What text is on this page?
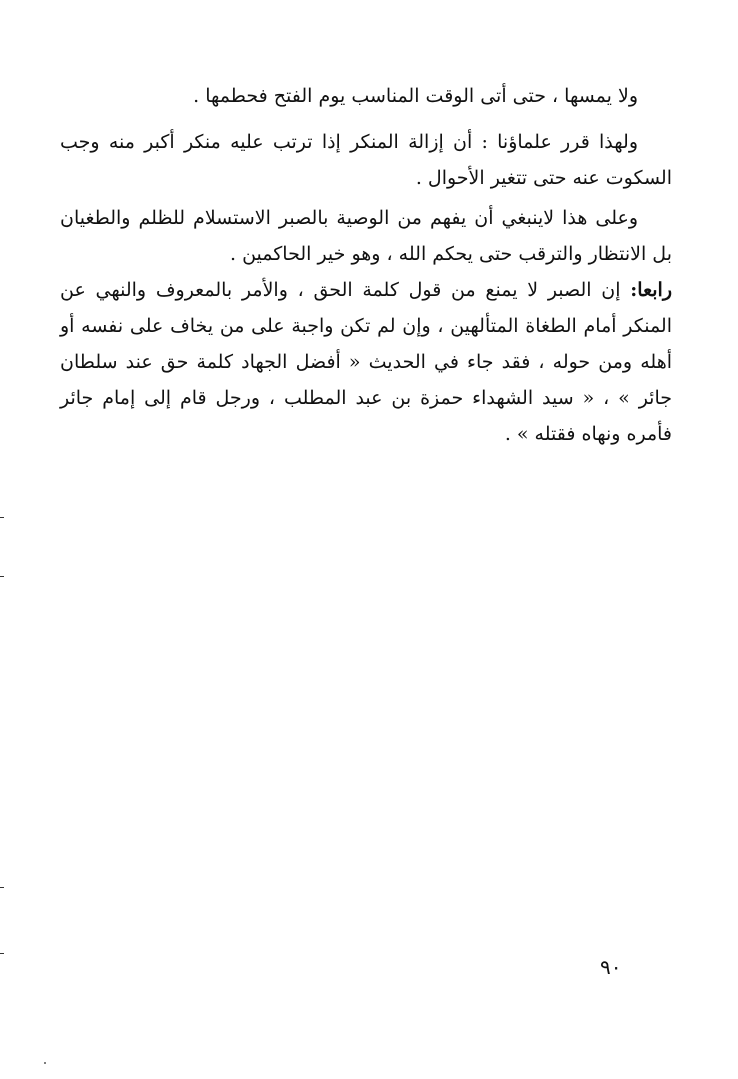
ولا يمسها ، حتى أتى الوقت المناسب يوم الفتح فحطمها .

ولهذا قرر علماؤنا : أن إزالة المنكر إذا ترتب عليه منكر أكبر منه وجب السكوت عنه حتى تتغير الأحوال .

وعلى هذا لاينبغي أن يفهم من الوصية بالصبر الاستسلام للظلم والطغيان بل الانتظار والترقب حتى يحكم الله ، وهو خير الحاكمين .

رابعا: إن الصبر لا يمنع من قول كلمة الحق ، والأمر بالمعروف والنهي عن المنكر أمام الطغاة المتألهين ، وإن لم تكن واجبة على من يخاف على نفسه أو أهله ومن حوله ، فقد جاء في الحديث « أفضل الجهاد كلمة حق عند سلطان جائر » ، « سيد الشهداء حمزة بن عبد المطلب ، ورجل قام إلى إمام جائر فأمره ونهاه فقتله » .

٩٠
